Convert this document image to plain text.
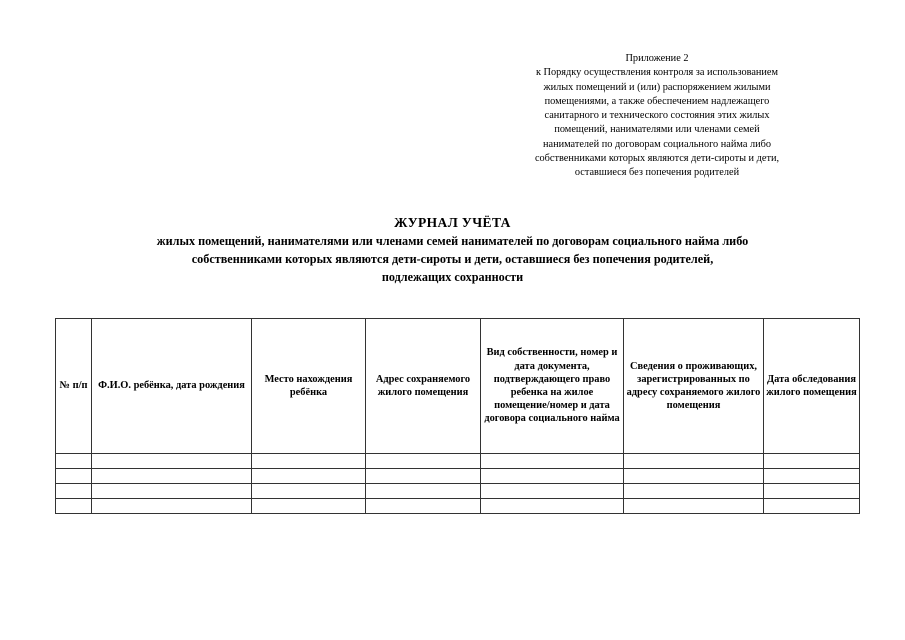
Приложение 2
к Порядку осуществления контроля за использованием
жилых помещений и (или) распоряжением жилыми
помещениями, а также обеспечением надлежащего
санитарного и технического состояния этих жилых
помещений, нанимателями или членами семей
нанимателей по договорам социального найма либо
собственниками которых являются дети-сироты и дети,
оставшиеся без попечения родителей
ЖУРНАЛ УЧЁТА
жилых помещений, нанимателями или членами семей нанимателей по договорам социального найма либо
собственниками которых являются дети-сироты и дети, оставшиеся без попечения родителей,
подлежащих сохранности
№ п/п	Ф.И.О. ребёнка, дата рождения	Место нахождения ребёнка	Адрес сохраняемого жилого помещения	Вид собственности, номер и дата документа, подтверждающего право ребенка на жилое помещение/номер и дата договора социального найма	Сведения о проживающих, зарегистрированных по адресу сохраняемого жилого помещения	Дата обследования жилого помещения
